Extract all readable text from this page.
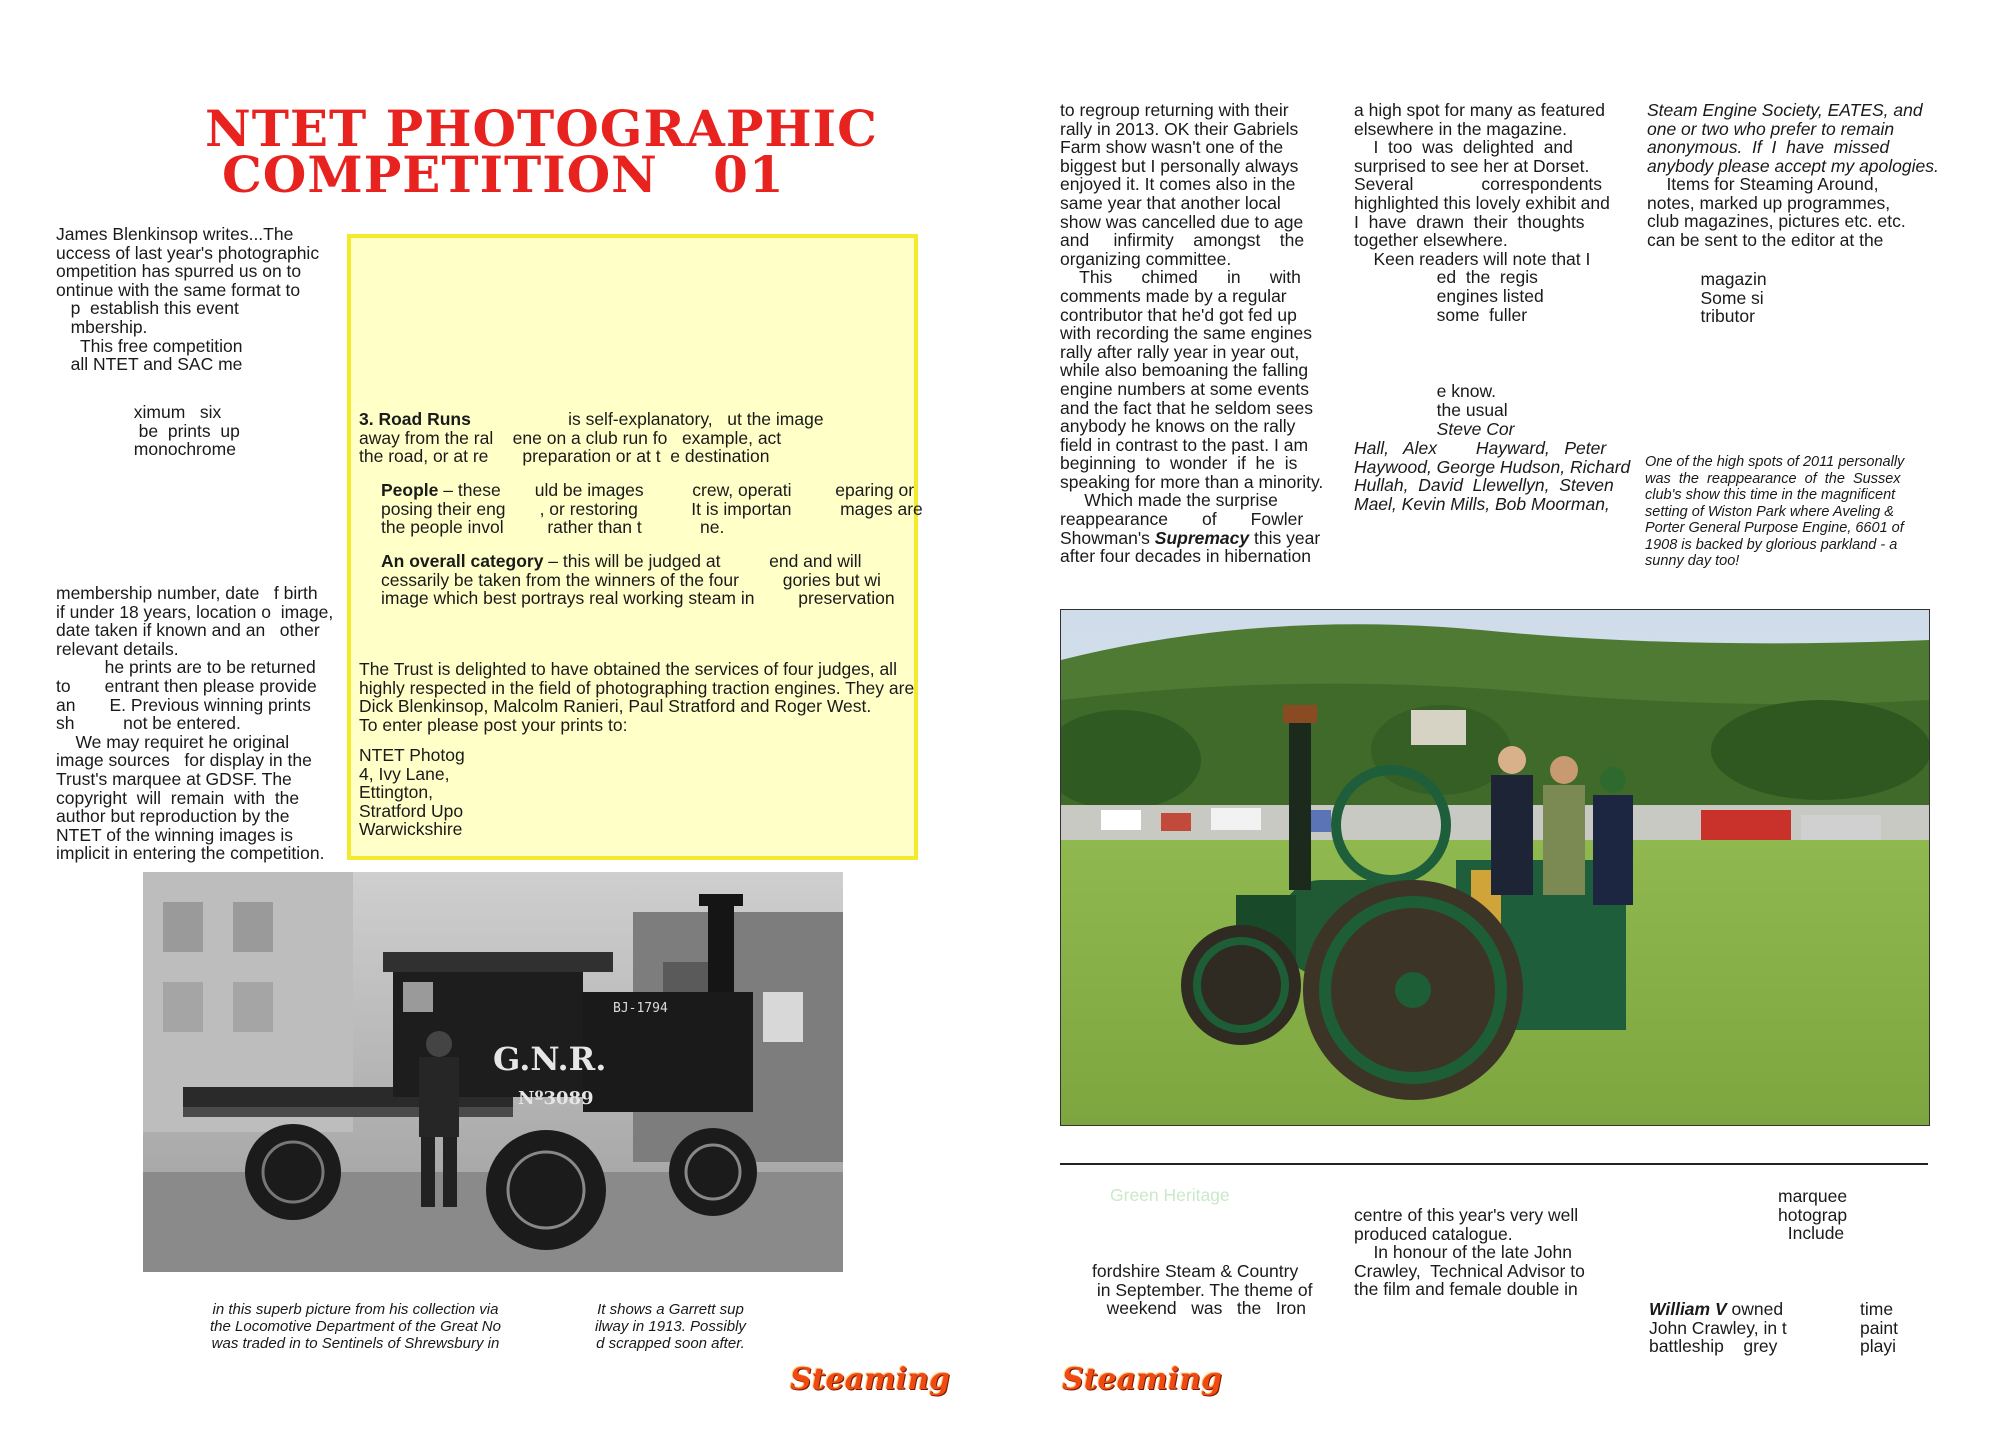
NTET PHOTOGRAPHIC
COMPETITION   01
James Blenkinsop writes...The
uccess of last year's photographic
ompetition has spurred us on to
ontinue with the same format to
p  establish this event
mbership.
This free competition
all NTET and SAC me
ximum   six
be  prints  up
monochrome
membership number, date   f birth
if under 18 years, location o  image,
date taken if known and an   other
relevant details.
he prints are to be returned
to       entrant then please provide
an       E. Previous winning prints
sh          not be entered.
We may requiret he original
image sources   for display in the
Trust's marquee at GDSF. The
copyright  will  remain  with  the
author but reproduction by the
NTET of the winning images is
implicit in entering the competition.
3. Road Runs	is self-explanatory,   ut the image
away from the ral    ene on a club run fo   example, act
the road, or at re       preparation or at t  e destination
People – these       uld be images          crew, operati         eparing or
posing their eng       , or restoring           It is importan          mages are
the people invol         rather than t            ne.
An overall category – this will be judged at          end and will
cessarily be taken from the winners of the four         gories but wi
image which best portrays real working steam in         preservation
The Trust is delighted to have obtained the services of four judges, all
highly respected in the field of photographing traction engines. They are
Dick Blenkinsop, Malcolm Ranieri, Paul Stratford and Roger West.
To enter please post your prints to:
NTET Photog
4, Ivy Lane,
Ettington,
Stratford Upo
Warwickshire
BJ-1794
G.N.R.
Nº3089
in this superb picture from his collection via
the Locomotive Department of the Great No
was traded in to Sentinels of Shrewsbury in
It shows a Garrett sup
ilway in 1913. Possibly
d scrapped soon after.
Steaming
to regroup returning with their
rally in 2013. OK their Gabriels
Farm show wasn't one of the
biggest but I personally always
enjoyed it. It comes also in the
same year that another local
show was cancelled due to age
and     infirmity    amongst    the
organizing committee.
This      chimed      in      with
comments made by a regular
contributor that he'd got fed up
with recording the same engines
rally after rally year in year out,
while also bemoaning the falling
engine numbers at some events
and the fact that he seldom sees
anybody he knows on the rally
field in contrast to the past. I am
beginning  to  wonder  if  he  is
speaking for more than a minority.
Which made the surprise
reappearance       of       Fowler
Showman's Supremacy this year
after four decades in hibernation
a high spot for many as featured
elsewhere in the magazine.
I  too  was  delighted  and
surprised to see her at Dorset.
Several              correspondents
highlighted this lovely exhibit and
I  have  drawn  their  thoughts
together elsewhere.
Keen readers will note that I
ed  the  regis
engines listed
some  fuller
e know.
the usual
Steve Cor
Hall,   Alex        Hayward,   Peter
Haywood, George Hudson, Richard
Hullah,  David  Llewellyn,  Steven
Mael, Kevin Mills, Bob Moorman,
Steam Engine Society, EATES, and
one or two who prefer to remain
anonymous.  If  I  have  missed
anybody please accept my apologies.
Items for Steaming Around,
notes, marked up programmes,
club magazines, pictures etc. etc.
can be sent to the editor at the
magazin
Some si
tributor
One of the high spots of 2011 personally
was  the  reappearance  of  the  Sussex
club's show this time in the magnificent
setting of Wiston Park where Aveling &
Porter General Purpose Engine, 6601 of
1908 is backed by glorious parkland - a
sunny day too!
Green Heritage
fordshire Steam & Country
in September. The theme of
weekend   was   the   Iron
centre of this year's very well
produced catalogue.
In honour of the late John
Crawley,  Technical Advisor to
the film and female double in
marquee
hotograp
Include
William V owned
John Crawley, in t
battleship    grey
time
paint
playi
Steaming
